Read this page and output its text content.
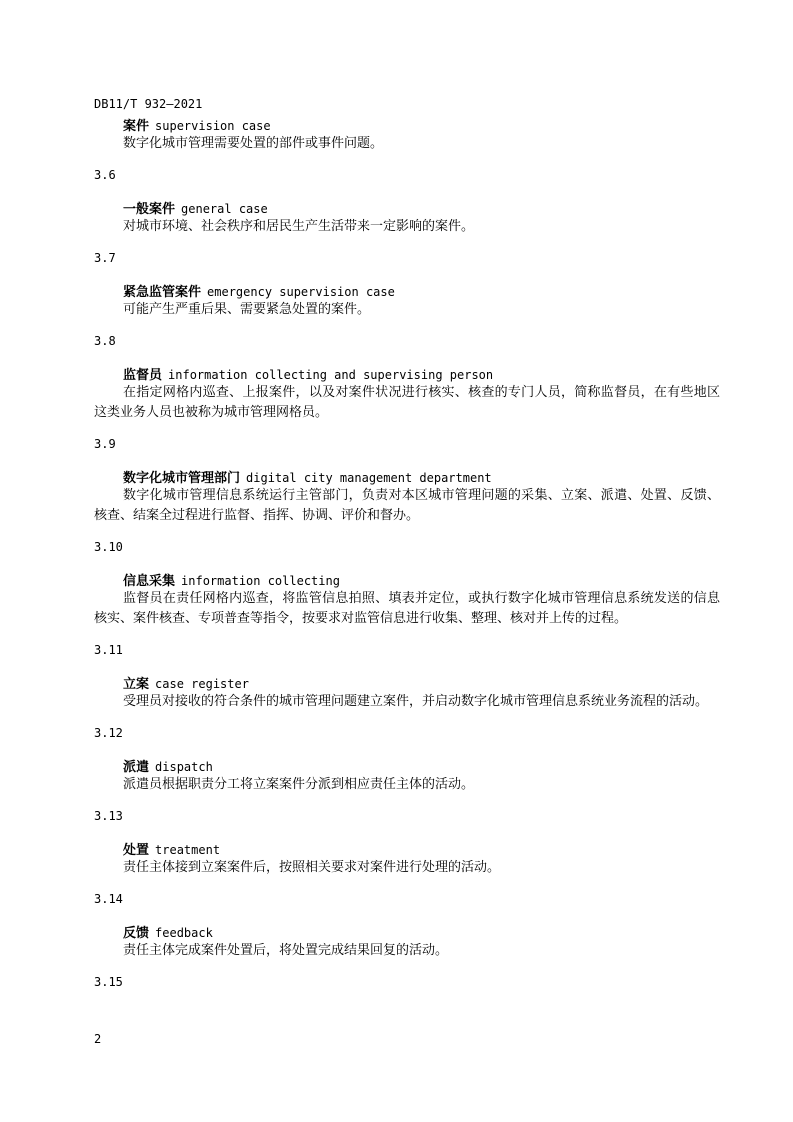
DB11/T 932—2021
案件 supervision case

数字化城市管理需要处置的部件或事件问题。

3.6
一般案件 general case

对城市环境、社会秩序和居民生产生活带来一定影响的案件。

3.7
紧急监管案件 emergency supervision case

可能产生严重后果、需要紧急处置的案件。

3.8
监督员 information collecting and supervising person

在指定网格内巡查、上报案件，以及对案件状况进行核实、核查的专门人员，简称监督员，在有些地区这类业务人员也被称为城市管理网格员。

3.9
数字化城市管理部门 digital city management department

数字化城市管理信息系统运行主管部门，负责对本区城市管理问题的采集、立案、派遣、处置、反馈、核查、结案全过程进行监督、指挥、协调、评价和督办。

3.10
信息采集 information collecting

监督员在责任网格内巡查，将监管信息拍照、填表并定位，或执行数字化城市管理信息系统发送的信息核实、案件核查、专项普查等指令，按要求对监管信息进行收集、整理、核对并上传的过程。

3.11
立案 case register

受理员对接收的符合条件的城市管理问题建立案件，并启动数字化城市管理信息系统业务流程的活动。

3.12
派遣 dispatch

派遣员根据职责分工将立案案件分派到相应责任主体的活动。

3.13
处置 treatment

责任主体接到立案案件后，按照相关要求对案件进行处理的活动。

3.14
反馈 feedback

责任主体完成案件处置后，将处置完成结果回复的活动。

3.15
2
